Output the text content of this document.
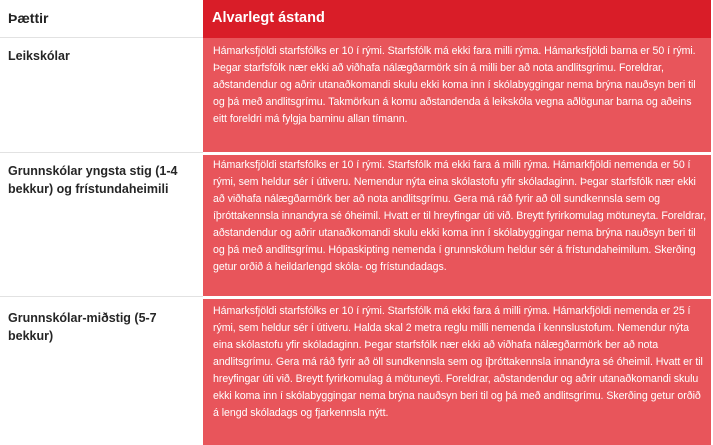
Þættir	Alvarlegt ástand
Leikskólar	Hámarksfjöldi starfsfólks er 10 í rými. Starfsfólk má ekki fara milli rýma. Hámarksfjöldi barna er 50 í rými. Þegar starfsfólk nær ekki að viðhafa nálægðarmörk sín á milli ber að nota andlitsgrímu. Foreldrar, aðstandendur og aðrir utanaðkomandi skulu ekki koma inn í skólabyggingar nema brýna nauðsyn beri til og þá með andlitsgrímu. Takmörkun á komu aðstandenda á leikskóla vegna aðlögunar barna og aðeins eitt foreldri má fylgja barninu allan tímann.
Grunnskólar yngsta stig (1-4 bekkur) og frístundaheimili
Hámarksfjöldi starfsfólks er 10 í rými. Starfsfólk má ekki fara á milli rýma. Hámarkfjöldi nemenda er 50 í rými, sem heldur sér í útiveru. Nemendur nýta eina skólastofu yfir skóladaginn. Þegar starfsfólk nær ekki að viðhafa nálægðarmörk ber að nota andlitsgrímu. Gera má ráð fyrir að öll sundkennsla sem og íþróttakennsla innandyra sé óheimil. Hvatt er til hreyfingar úti við. Breytt fyrirkomulag mötuneyta. Foreldrar, aðstandendur og aðrir utanaðkomandi skulu ekki koma inn í skólabyggingar nema brýna nauðsyn beri til og þá með andlitsgrímu. Hópaskipting nemenda í grunnskólum heldur sér á frístundaheimilum. Skerðing getur orðið á heildarlengd skóla- og frístundadags.
Grunnskólar-miðstig (5-7 bekkur)
Hámarksfjöldi starfsfólks er 10 í rými. Starfsfólk má ekki fara á milli rýma. Hámarkfjöldi nemenda er 25 í rými, sem heldur sér í útiveru. Halda skal 2 metra reglu milli nemenda í kennslustofum. Nemendur nýta eina skólastofu yfir skóladaginn. Þegar starfsfólk nær ekki að viðhafa nálægðarmörk ber að nota andlitsgrímu. Gera má ráð fyrir að öll sundkennsla sem og íþróttakennsla innandyra sé óheimil. Hvatt er til hreyfingar úti við. Breytt fyrirkomulag á mötuneyti. Foreldrar, aðstandendur og aðrir utanaðkomandi skulu ekki koma inn í skólabyggingar nema brýna nauðsyn beri til og þá með andlitsgrímu. Skerðing getur orðið á lengd skóladags og fjarkennsla nýtt.
